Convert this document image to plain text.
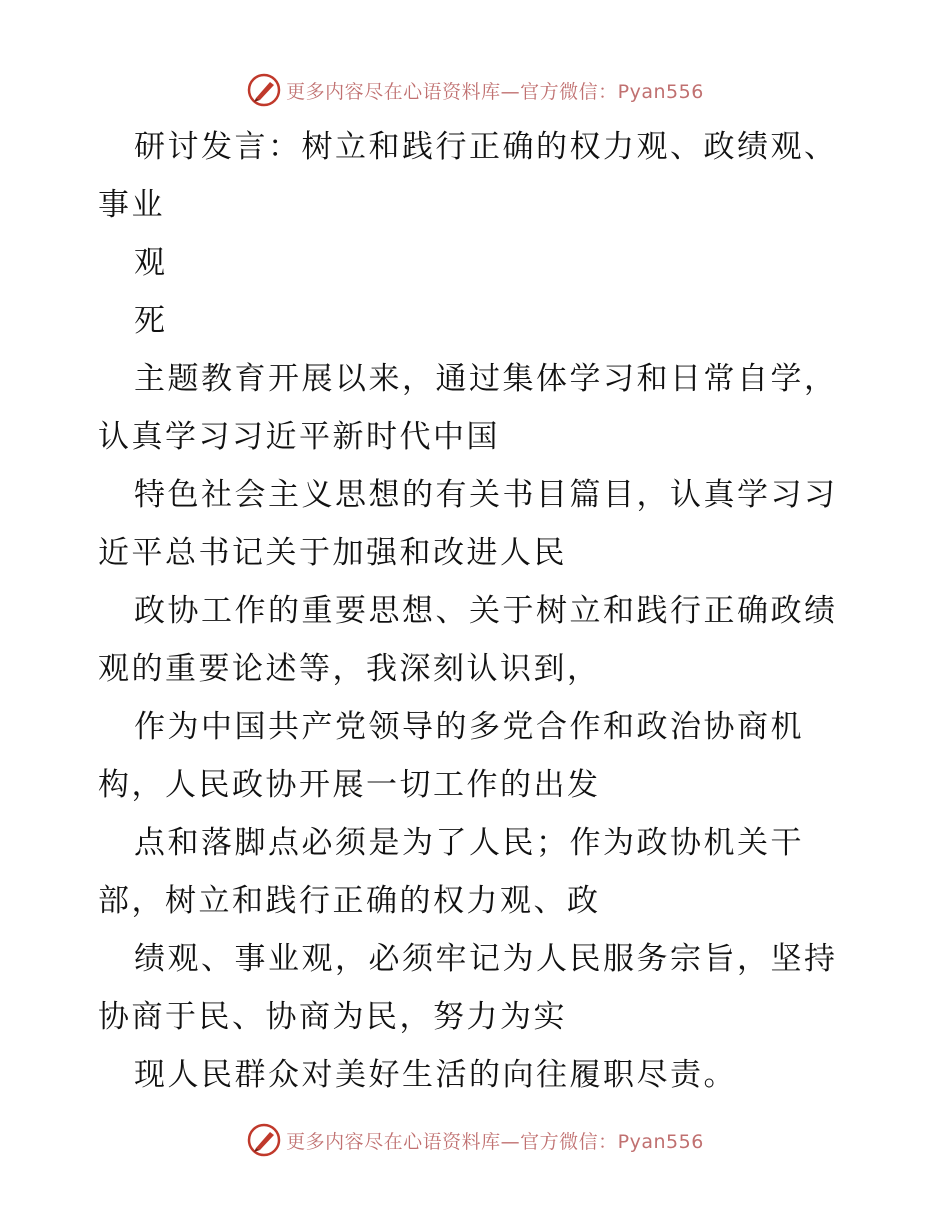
更多内容尽在心语资料库—官方微信：Pyan556

研讨发言：树立和践行正确的权力观、政绩观、事业

观

死

主题教育开展以来，通过集体学习和日常自学，认真学习习近平新时代中国

特色社会主义思想的有关书目篇目，认真学习习近平总书记关于加强和改进人民

政协工作的重要思想、关于树立和践行正确政绩观的重要论述等，我深刻认识到，

作为中国共产党领导的多党合作和政治协商机构，人民政协开展一切工作的出发

点和落脚点必须是为了人民；作为政协机关干部，树立和践行正确的权力观、政

绩观、事业观，必须牢记为人民服务宗旨，坚持协商于民、协商为民，努力为实

现人民群众对美好生活的向往履职尽责。

更多内容尽在心语资料库—官方微信：Pyan556
